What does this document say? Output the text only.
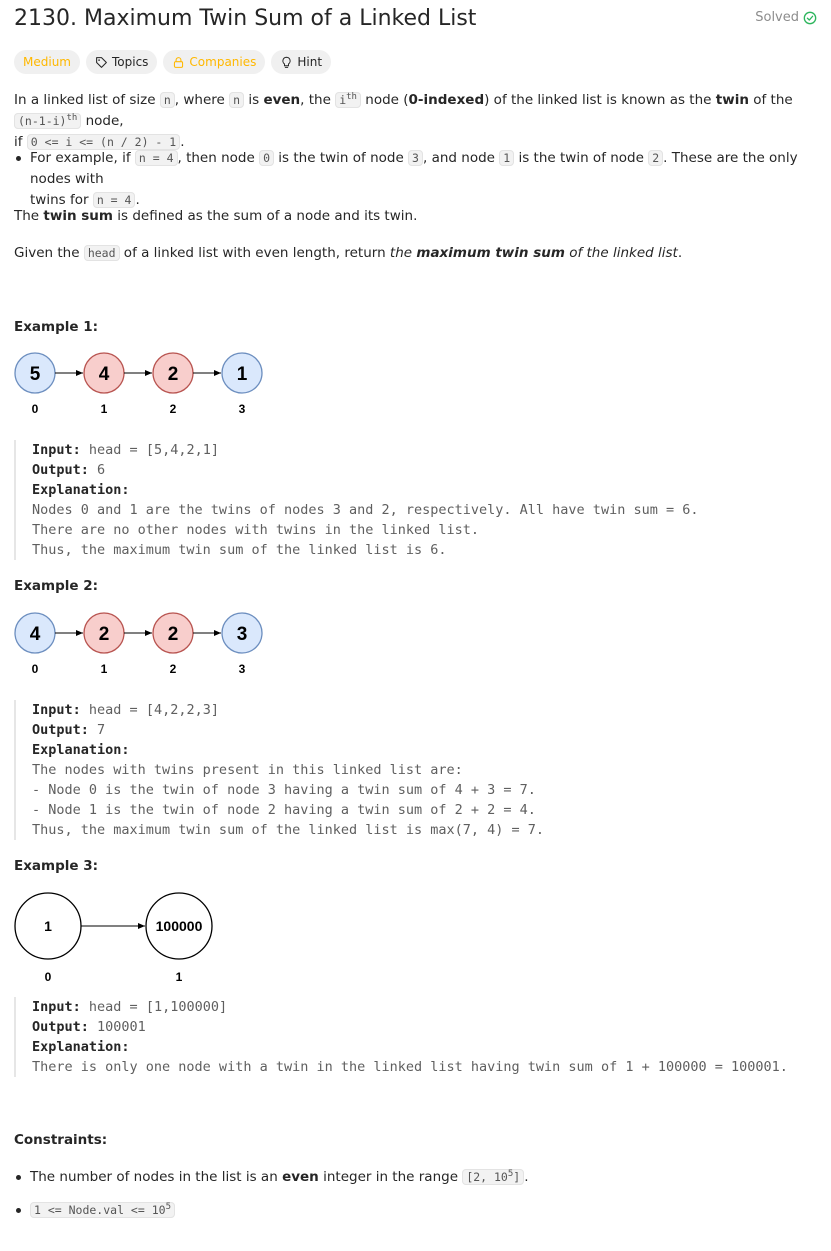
2130. Maximum Twin Sum of a Linked List	Solved
Medium	Topics	Companies	Hint
In a linked list of size n , where n is even, the $i^{th}$ node (0-indexed) of the linked list is known as the twin of the $(n-1-i)^{th}$ node,
if 0 <= i <= (n / 2) - 1 .
For example, if n = 4 , then node 0 is the twin of node 3 , and node 1 is the twin of node 2 . These are the only nodes with
twins for n = 4 .
The twin sum is defined as the sum of a node and its twin.
Given the head of a linked list with even length, return the maximum twin sum of the linked list.
Example 1:
5
0
4
1
2
2
1
3
Input: head = [5,4,2,1]
Output: 6
Explanation:
Nodes 0 and 1 are the twins of nodes 3 and 2, respectively. All have twin sum = 6.
There are no other nodes with twins in the linked list.
Thus, the maximum twin sum of the linked list is 6.
Example 2:
4
0
2
1
2
2
3
3
Input: head = [4,2,2,3]
Output: 7
Explanation:
The nodes with twins present in this linked list are:
- Node 0 is the twin of node 3 having a twin sum of 4 + 3 = 7.
- Node 1 is the twin of node 2 having a twin sum of 2 + 2 = 4.
Thus, the maximum twin sum of the linked list is max(7, 4) = 7.
Example 3:
1
0
100000
1
Input: head = [1,100000]
Output: 100001
Explanation:
There is only one node with a twin in the linked list having twin sum of 1 + 100000 = 100001.
Constraints:
The number of nodes in the list is an even integer in the range [2, $10^5$] .
1 <= Node.val <= $10^5$
